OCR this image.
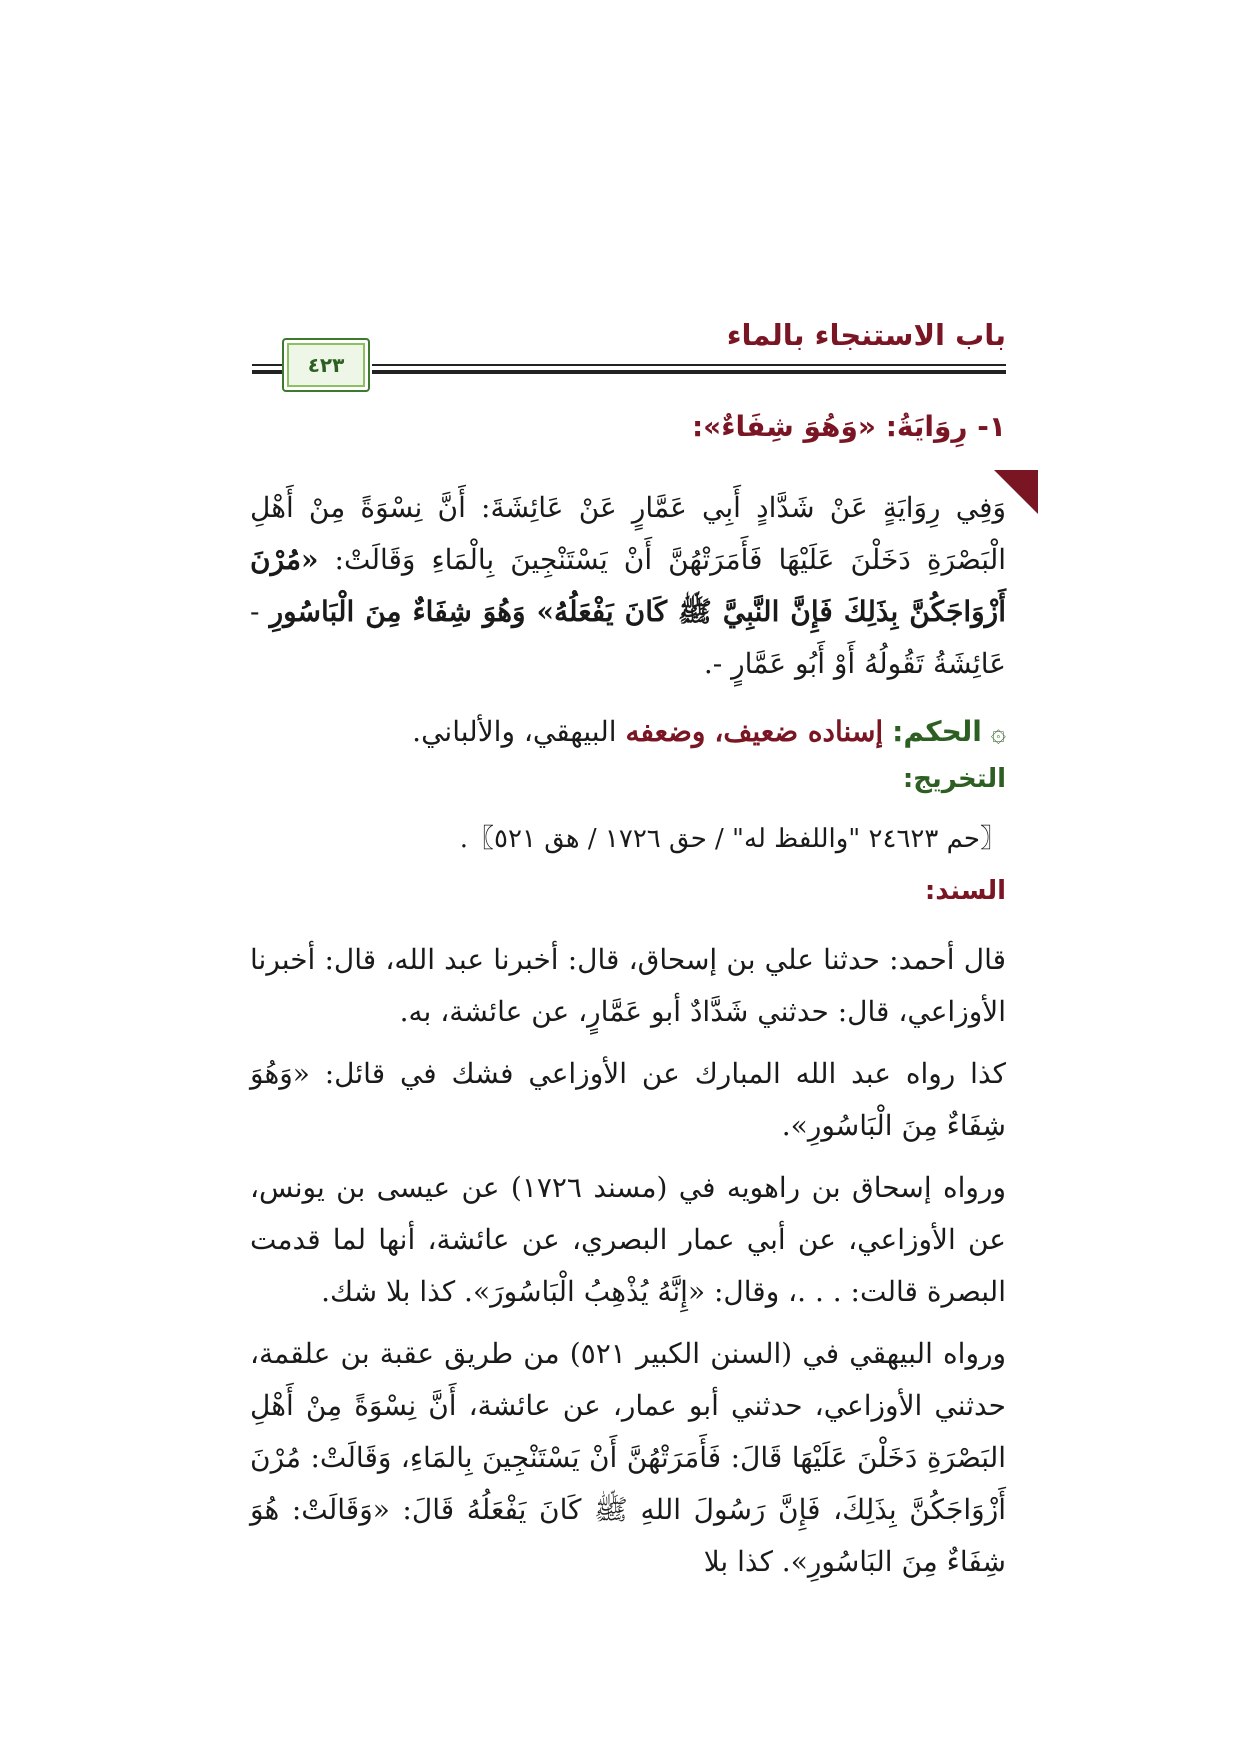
باب الاستنجاء بالماء
٤٢٣
١- رِوَايَةُ: «وَهُوَ شِفَاءٌ»:

وَفِي رِوَايَةٍ عَنْ شَدَّادٍ أَبِي عَمَّارٍ عَنْ عَائِشَةَ: أَنَّ نِسْوَةً مِنْ أَهْلِ الْبَصْرَةِ دَخَلْنَ عَلَيْهَا فَأَمَرَتْهُنَّ أَنْ يَسْتَنْجِينَ بِالْمَاءِ وَقَالَتْ: «مُرْنَ أَزْوَاجَكُنَّ بِذَلِكَ فَإِنَّ النَّبِيَّ ﷺ كَانَ يَفْعَلُهُ» وَهُوَ شِفَاءٌ مِنَ الْبَاسُورِ - عَائِشَةُ تَقُولُهُ أَوْ أَبُو عَمَّارٍ -.

۞ الحكم: إسناده ضعيف، وضعفه البيهقي، والألباني.
التخريج:
〖حم ٢٤٦٢٣ "واللفظ له" / حق ١٧٢٦ / هق ٥٢١〗.
السند:

قال أحمد: حدثنا علي بن إسحاق، قال: أخبرنا عبد الله، قال: أخبرنا الأوزاعي، قال: حدثني شَدَّادٌ أبو عَمَّارٍ، عن عائشة، به.

كذا رواه عبد الله المبارك عن الأوزاعي فشك في قائل: «وَهُوَ شِفَاءٌ مِنَ الْبَاسُورِ».

ورواه إسحاق بن راهويه في (مسند ١٧٢٦) عن عيسى بن يونس، عن الأوزاعي، عن أبي عمار البصري، عن عائشة، أنها لما قدمت البصرة قالت: . . .، وقال: «إِنَّهُ يُذْهِبُ الْبَاسُورَ». كذا بلا شك.

ورواه البيهقي في (السنن الكبير ٥٢١) من طريق عقبة بن علقمة، حدثني الأوزاعي، حدثني أبو عمار، عن عائشة، أَنَّ نِسْوَةً مِنْ أَهْلِ البَصْرَةِ دَخَلْنَ عَلَيْهَا قَالَ: فَأَمَرَتْهُنَّ أَنْ يَسْتَنْجِينَ بِالمَاءِ، وَقَالَتْ: مُرْنَ أَزْوَاجَكُنَّ بِذَلِكَ، فَإِنَّ رَسُولَ اللهِ ﷺ كَانَ يَفْعَلُهُ قَالَ: «وَقَالَتْ: هُوَ شِفَاءٌ مِنَ البَاسُورِ». كذا بلا
